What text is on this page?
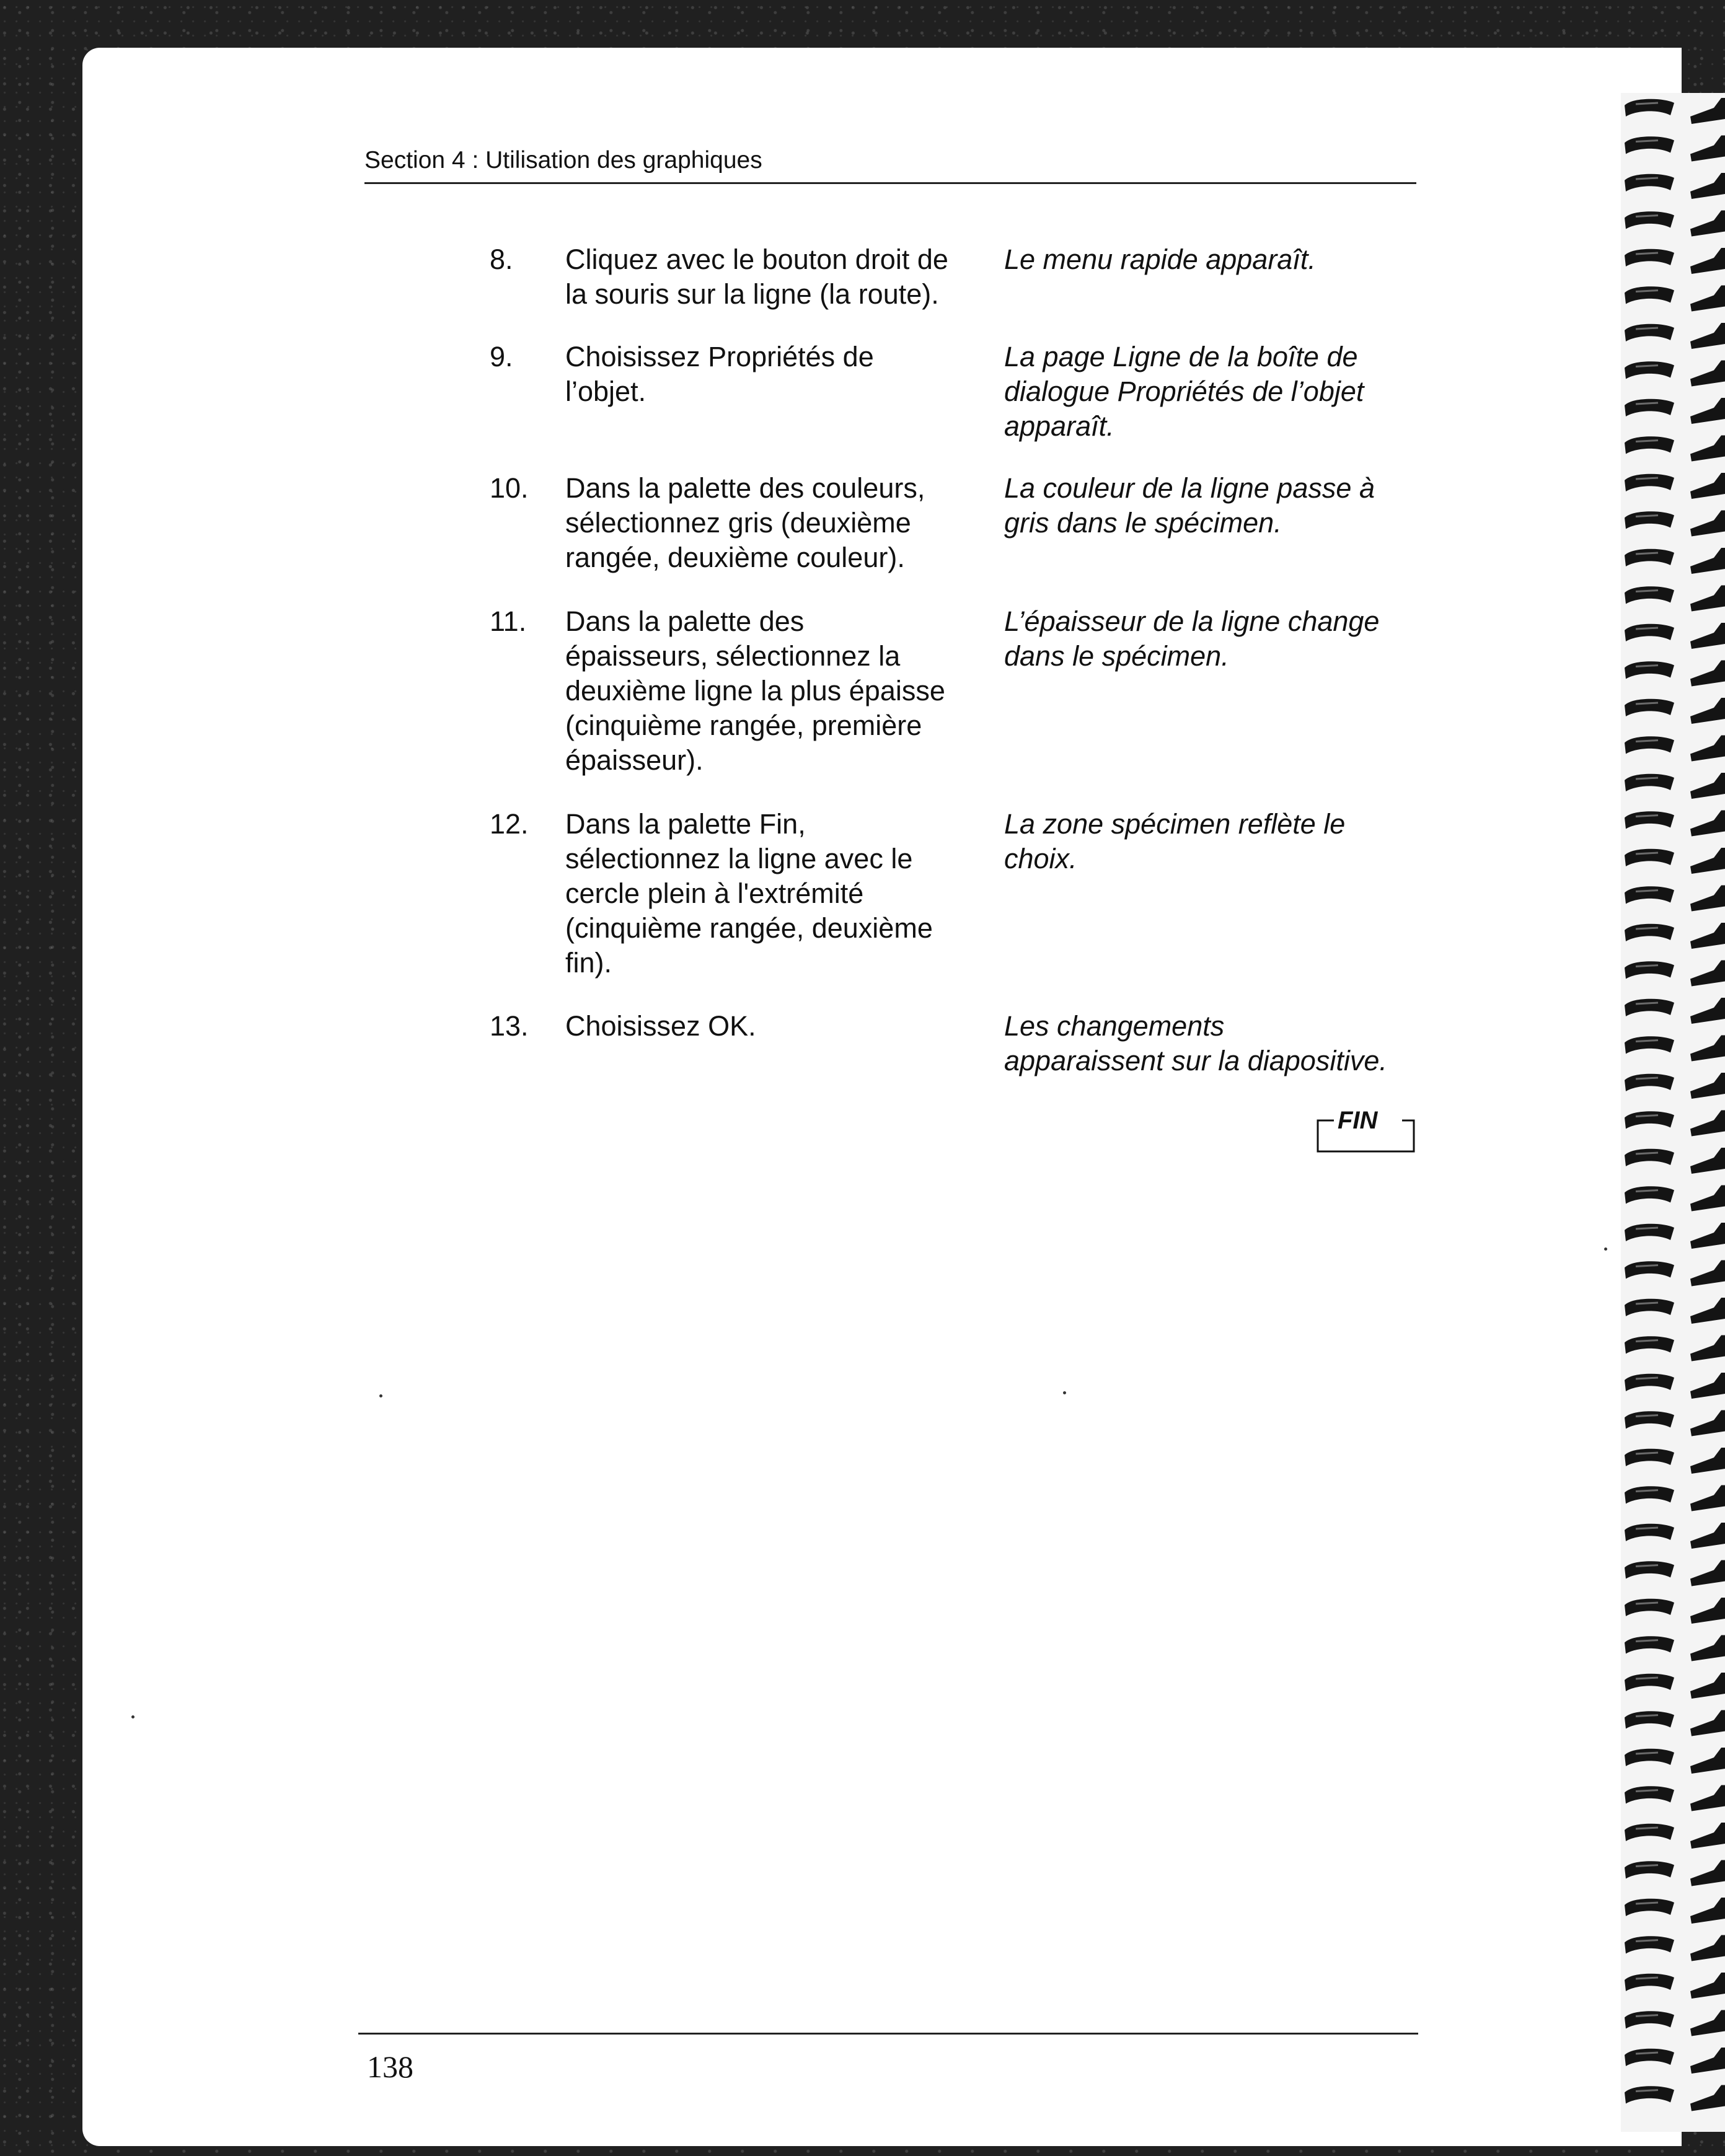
Section 4 : Utilisation des graphiques
8. Cliquez avec le bouton droit de
la souris sur la ligne (la route).
Le menu rapide apparaît.
9. Choisissez Propriétés de
l’objet.
La page Ligne de la boîte de
dialogue Propriétés de l’objet
apparaît.
10. Dans la palette des couleurs,
sélectionnez gris (deuxième
rangée, deuxième couleur).
La couleur de la ligne passe à
gris dans le spécimen.
11. Dans la palette des
épaisseurs, sélectionnez la
deuxième ligne la plus épaisse
(cinquième rangée, première
épaisseur).
L’épaisseur de la ligne change
dans le spécimen.
12. Dans la palette Fin,
sélectionnez la ligne avec le
cercle plein à l'extrémité
(cinquième rangée, deuxième
fin).
La zone spécimen reflète le
choix.
13. Choisissez OK.	Les changements
apparaissent sur la diapositive.
FIN
138
